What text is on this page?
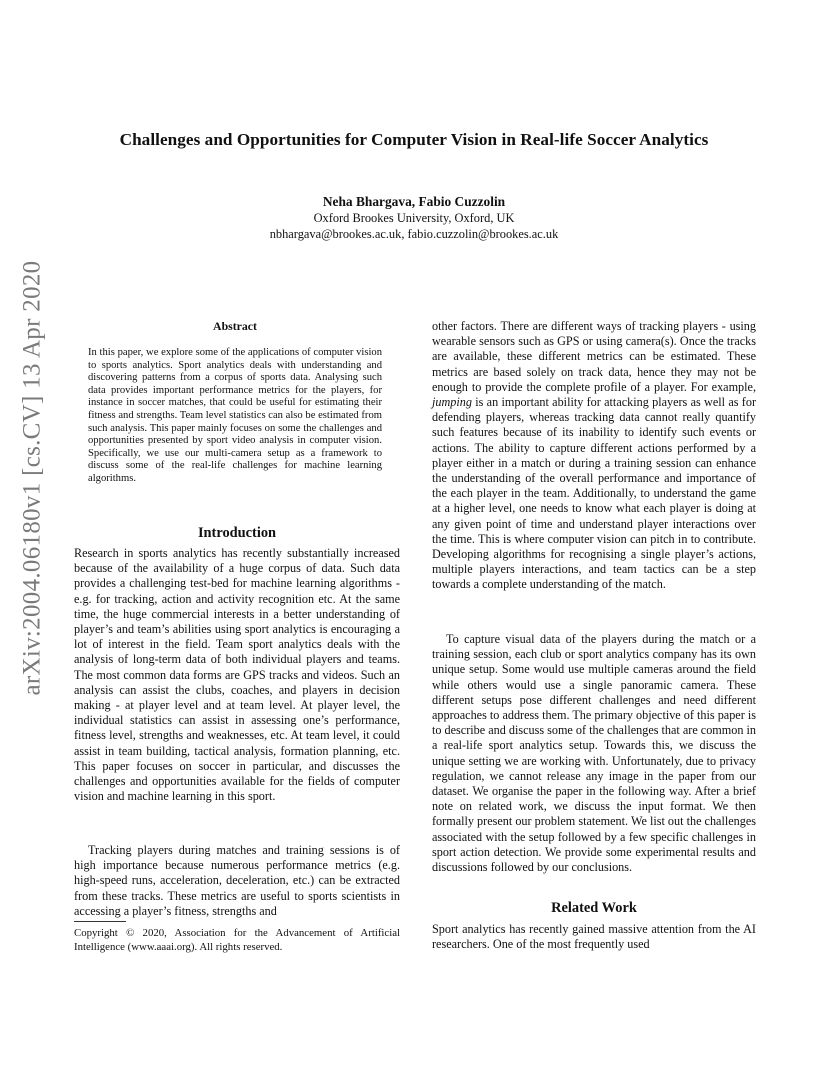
Challenges and Opportunities for Computer Vision in Real-life Soccer Analytics
Neha Bhargava, Fabio Cuzzolin
Oxford Brookes University, Oxford, UK
nbhargava@brookes.ac.uk, fabio.cuzzolin@brookes.ac.uk
arXiv:2004.06180v1 [cs.CV] 13 Apr 2020	Abstract
In this paper, we explore some of the applications of computer vision to sports analytics. Sport analytics deals with understanding and discovering patterns from a corpus of sports data. Analysing such data provides important performance metrics for the players, for instance in soccer matches, that could be useful for estimating their fitness and strengths. Team level statistics can also be estimated from such analysis. This paper mainly focuses on some the challenges and opportunities presented by sport video analysis in computer vision. Specifically, we use our multi-camera setup as a framework to discuss some of the real-life challenges for machine learning algorithms.
Introduction

Research in sports analytics has recently substantially increased because of the availability of a huge corpus of data. Such data provides a challenging test-bed for machine learning algorithms - e.g. for tracking, action and activity recognition etc. At the same time, the huge commercial interests in a better understanding of player’s and team’s abilities using sport analytics is encouraging a lot of interest in the field. Team sport analytics deals with the analysis of long-term data of both individual players and teams. The most common data forms are GPS tracks and videos. Such an analysis can assist the clubs, coaches, and players in decision making - at player level and at team level. At player level, the individual statistics can assist in assessing one’s performance, fitness level, strengths and weaknesses, etc. At team level, it could assist in team building, tactical analysis, formation planning, etc. This paper focuses on soccer in particular, and discusses the challenges and opportunities available for the fields of computer vision and machine learning in this sport.

Tracking players during matches and training sessions is of high importance because numerous performance metrics (e.g. high-speed runs, acceleration, deceleration, etc.) can be extracted from these tracks. These metrics are useful to sports scientists in accessing a player’s fitness, strengths and

Copyright © 2020, Association for the Advancement of Artificial Intelligence (www.aaai.org). All rights reserved.

other factors. There are different ways of tracking players - using wearable sensors such as GPS or using camera(s). Once the tracks are available, these different metrics can be estimated. These metrics are based solely on track data, hence they may not be enough to provide the complete profile of a player. For example, jumping is an important ability for attacking players as well as for defending players, whereas tracking data cannot really quantify such features because of its inability to identify such events or actions. The ability to capture different actions performed by a player either in a match or during a training session can enhance the understanding of the overall performance and importance of the each player in the team. Additionally, to understand the game at a higher level, one needs to know what each player is doing at any given point of time and understand player interactions over the time. This is where computer vision can pitch in to contribute. Developing algorithms for recognising a single player’s actions, multiple players interactions, and team tactics can be a step towards a complete understanding of the match.

To capture visual data of the players during the match or a training session, each club or sport analytics company has its own unique setup. Some would use multiple cameras around the field while others would use a single panoramic camera. These different setups pose different challenges and need different approaches to address them. The primary objective of this paper is to describe and discuss some of the challenges that are common in a real-life sport analytics setup. Towards this, we discuss the unique setting we are working with. Unfortunately, due to privacy regulation, we cannot release any image in the paper from our dataset. We organise the paper in the following way. After a brief note on related work, we discuss the input format. We then formally present our problem statement. We list out the challenges associated with the setup followed by a few specific challenges in sport action detection. We provide some experimental results and discussions followed by our conclusions.

Related Work

Sport analytics has recently gained massive attention from the AI researchers. One of the most frequently used
